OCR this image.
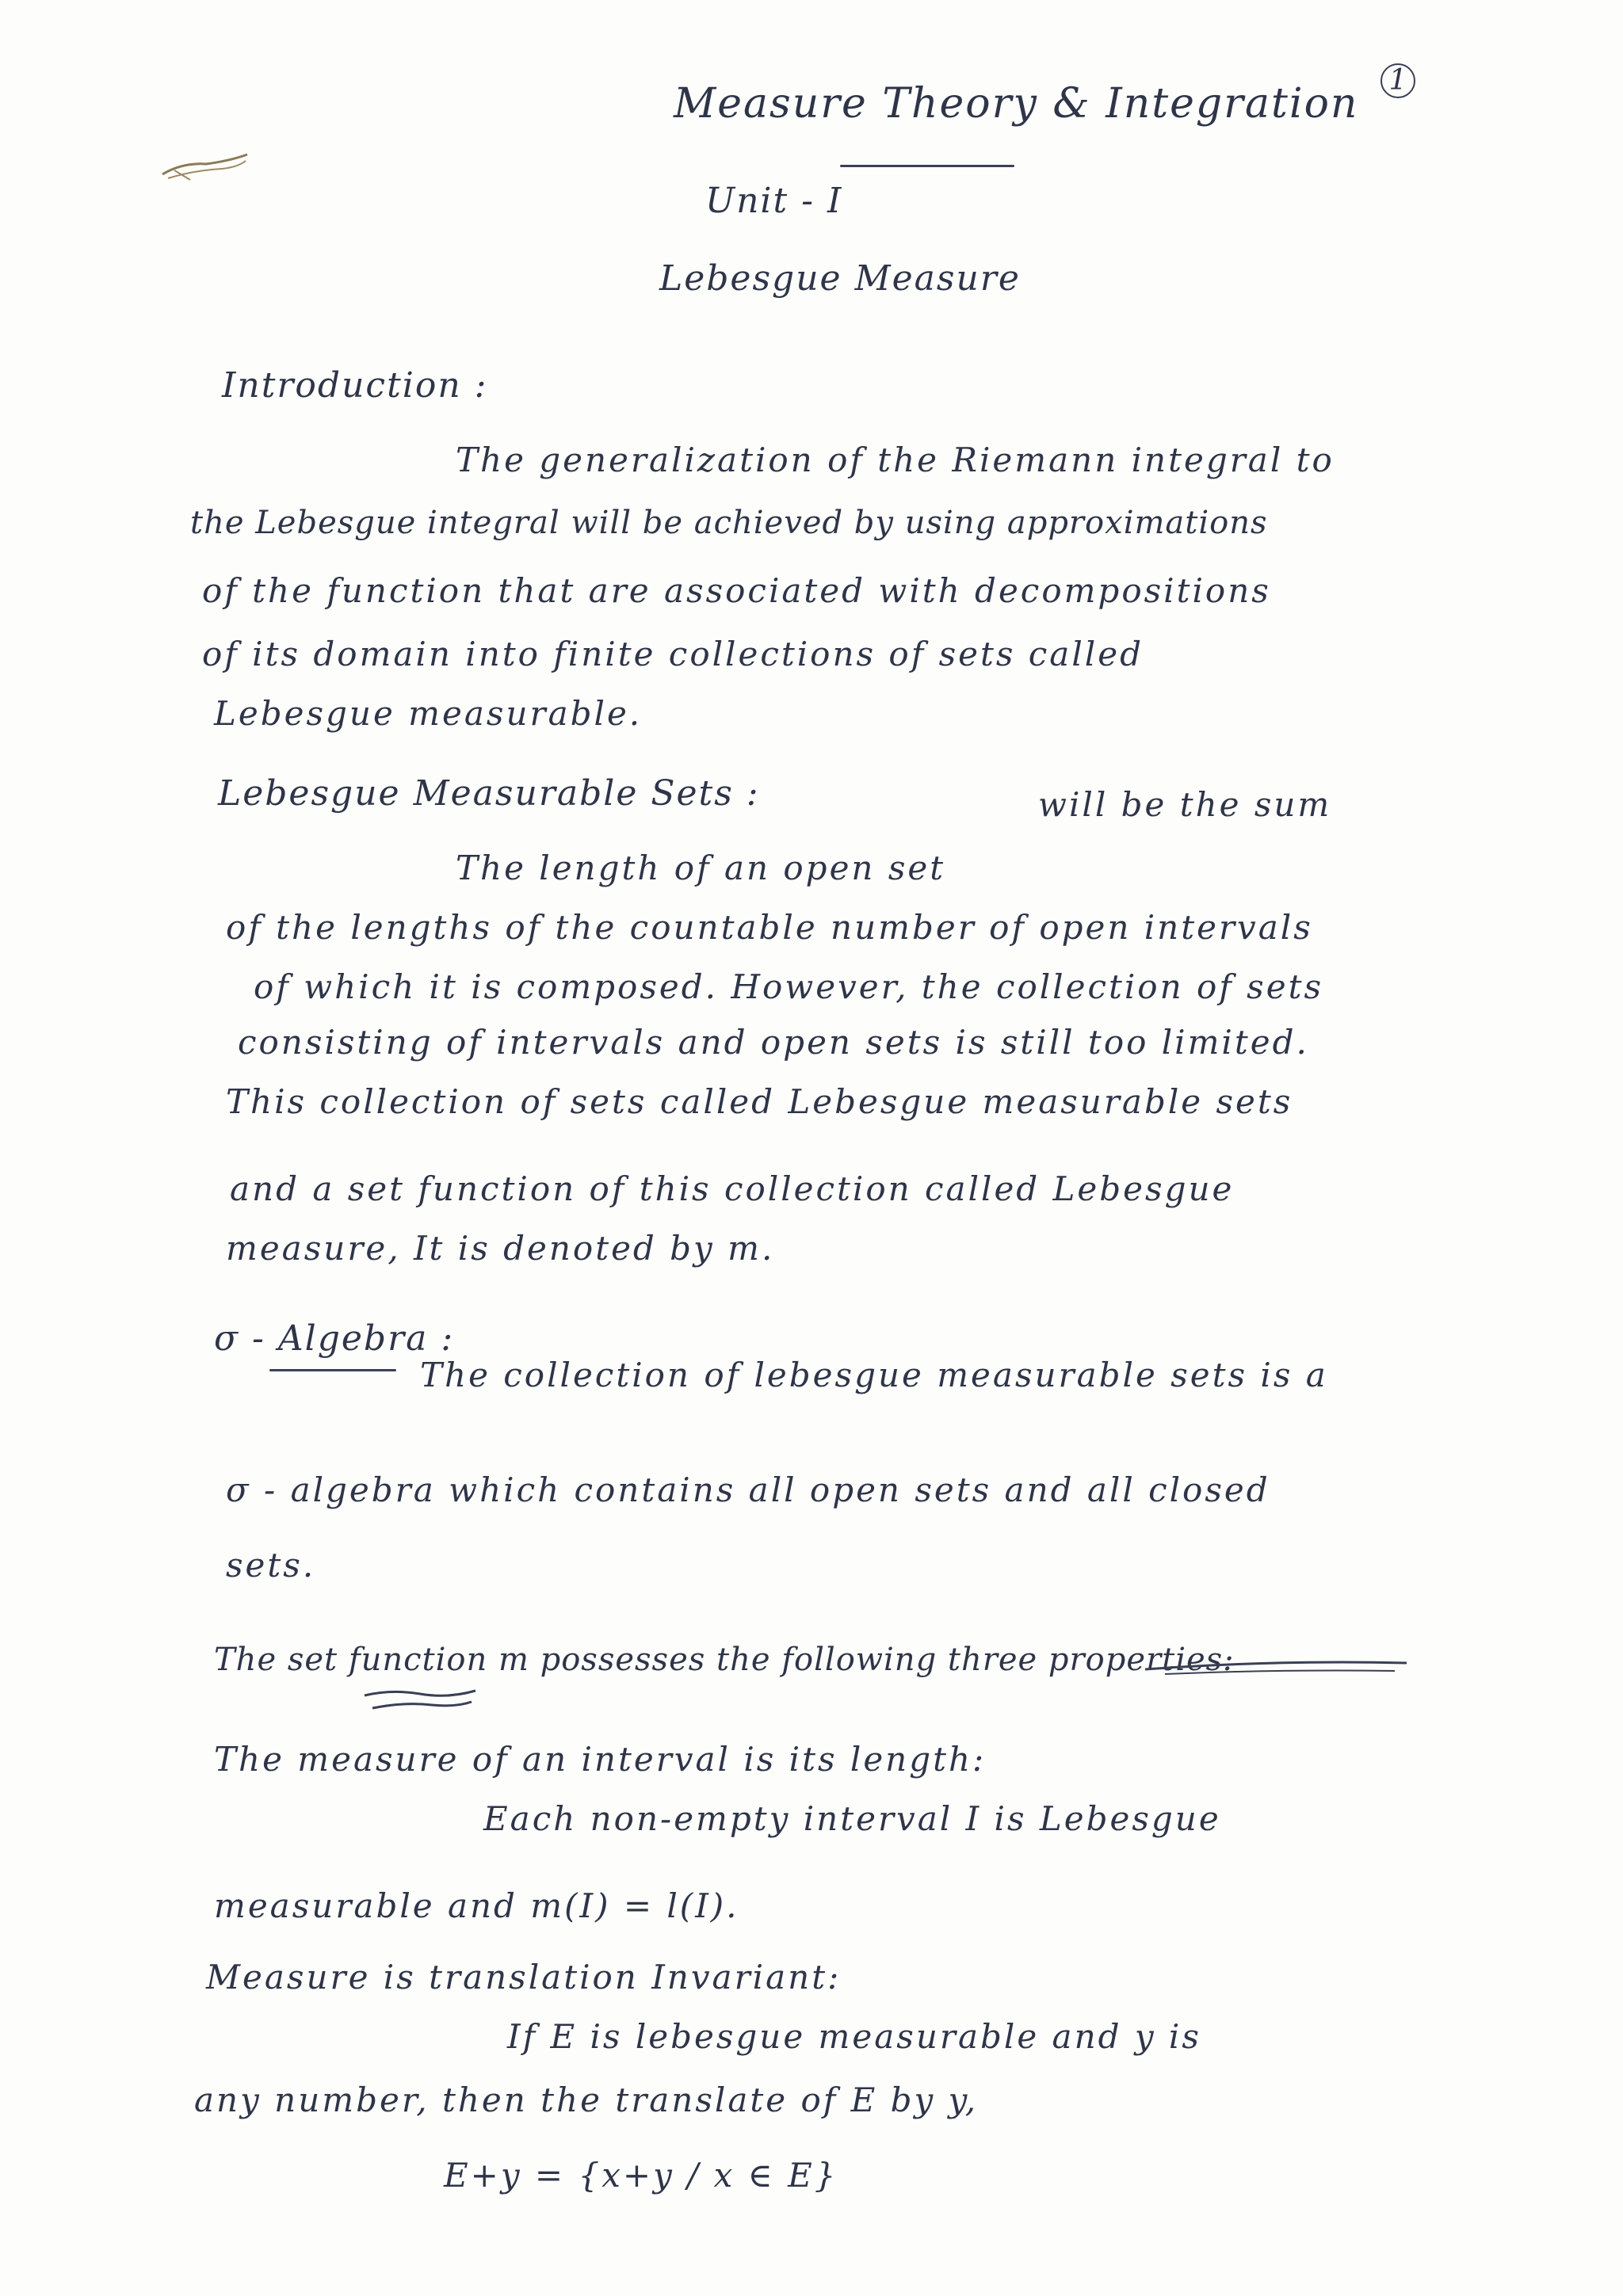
Measure Theory & Integration 1
Unit - I
Lebesgue Measure
Introduction :
The generalization of the Riemann integral to
the Lebesgue integral will be achieved by using approximations
of the function that are associated with decompositions
of its domain into finite collections of sets called
Lebesgue measurable.
Lebesgue Measurable Sets :	will be the sum
The length of an open set
of the lengths of the countable number of open intervals
of which it is composed. However, the collection of sets
consisting of intervals and open sets is still too limited.
This collection of sets called Lebesgue measurable sets
and a set function of this collection called Lebesgue
measure, It is denoted by m.
σ - Algebra :
The collection of lebesgue measurable sets is a
σ - algebra which contains all open sets and all closed
sets.
The set function m possesses the following three properties:
The measure of an interval is its length:
Each non-empty interval I is Lebesgue
measurable and m(I) = l(I).
Measure is translation Invariant:
If E is lebesgue measurable and y is
any number, then the translate of E by y,
E+y = {x+y / x ∈ E}
